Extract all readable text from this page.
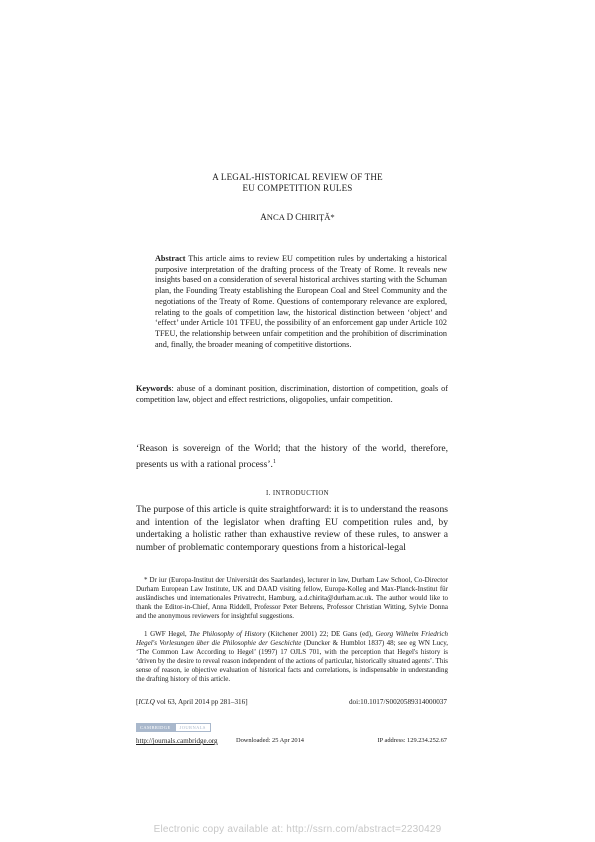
A LEGAL-HISTORICAL REVIEW OF THE
EU COMPETITION RULES
ANCA D CHIRIȚĂ*
Abstract This article aims to review EU competition rules by undertaking a historical purposive interpretation of the drafting process of the Treaty of Rome. It reveals new insights based on a consideration of several historical archives starting with the Schuman plan, the Founding Treaty establishing the European Coal and Steel Community and the negotiations of the Treaty of Rome. Questions of contemporary relevance are explored, relating to the goals of competition law, the historical distinction between ‘object’ and ‘effect’ under Article 101 TFEU, the possibility of an enforcement gap under Article 102 TFEU, the relationship between unfair competition and the prohibition of discrimination and, finally, the broader meaning of competitive distortions.
Keywords: abuse of a dominant position, discrimination, distortion of competition, goals of competition law, object and effect restrictions, oligopolies, unfair competition.
‘Reason is sovereign of the World; that the history of the world, therefore, presents us with a rational process’.$^1$
I. INTRODUCTION
The purpose of this article is quite straightforward: it is to understand the reasons and intention of the legislator when drafting EU competition rules and, by undertaking a holistic rather than exhaustive review of these rules, to answer a number of problematic contemporary questions from a historical-legal
* Dr iur (Europa-Institut der Universität des Saarlandes), lecturer in law, Durham Law School, Co-Director Durham European Law Institute, UK and DAAD visiting fellow, Europa-Kolleg and Max-Planck-Institut für ausländisches und internationales Privatrecht, Hamburg, a.d.chirita@durham.ac.uk. The author would like to thank the Editor-in-Chief, Anna Riddell, Professor Peter Behrens, Professor Christian Witting, Sylvie Donna and the anonymous reviewers for insightful suggestions.
1 GWF Hegel, The Philosophy of History (Kitchener 2001) 22; DE Gans (ed), Georg Wilhelm Friedrich Hegel's Vorlesungen über die Philosophie der Geschichte (Duncker & Humblot 1837) 48; see eg WN Lucy, ‘The Common Law According to Hegel’ (1997) 17 OJLS 701, with the perception that Hegel's history is ‘driven by the desire to reveal reason independent of the actions of particular, historically situated agents’. This sense of reason, ie objective evaluation of historical facts and correlations, is indispensable in understanding the drafting history of this article.
[ICLQ vol 63, April 2014 pp 281–316]	doi:10.1017/S0020589314000037
CAMBRIDGE	JOURNALS
http://journals.cambridge.org	Downloaded: 25 Apr 2014	IP address: 129.234.252.67
Electronic copy available at: http://ssrn.com/abstract=2230429
